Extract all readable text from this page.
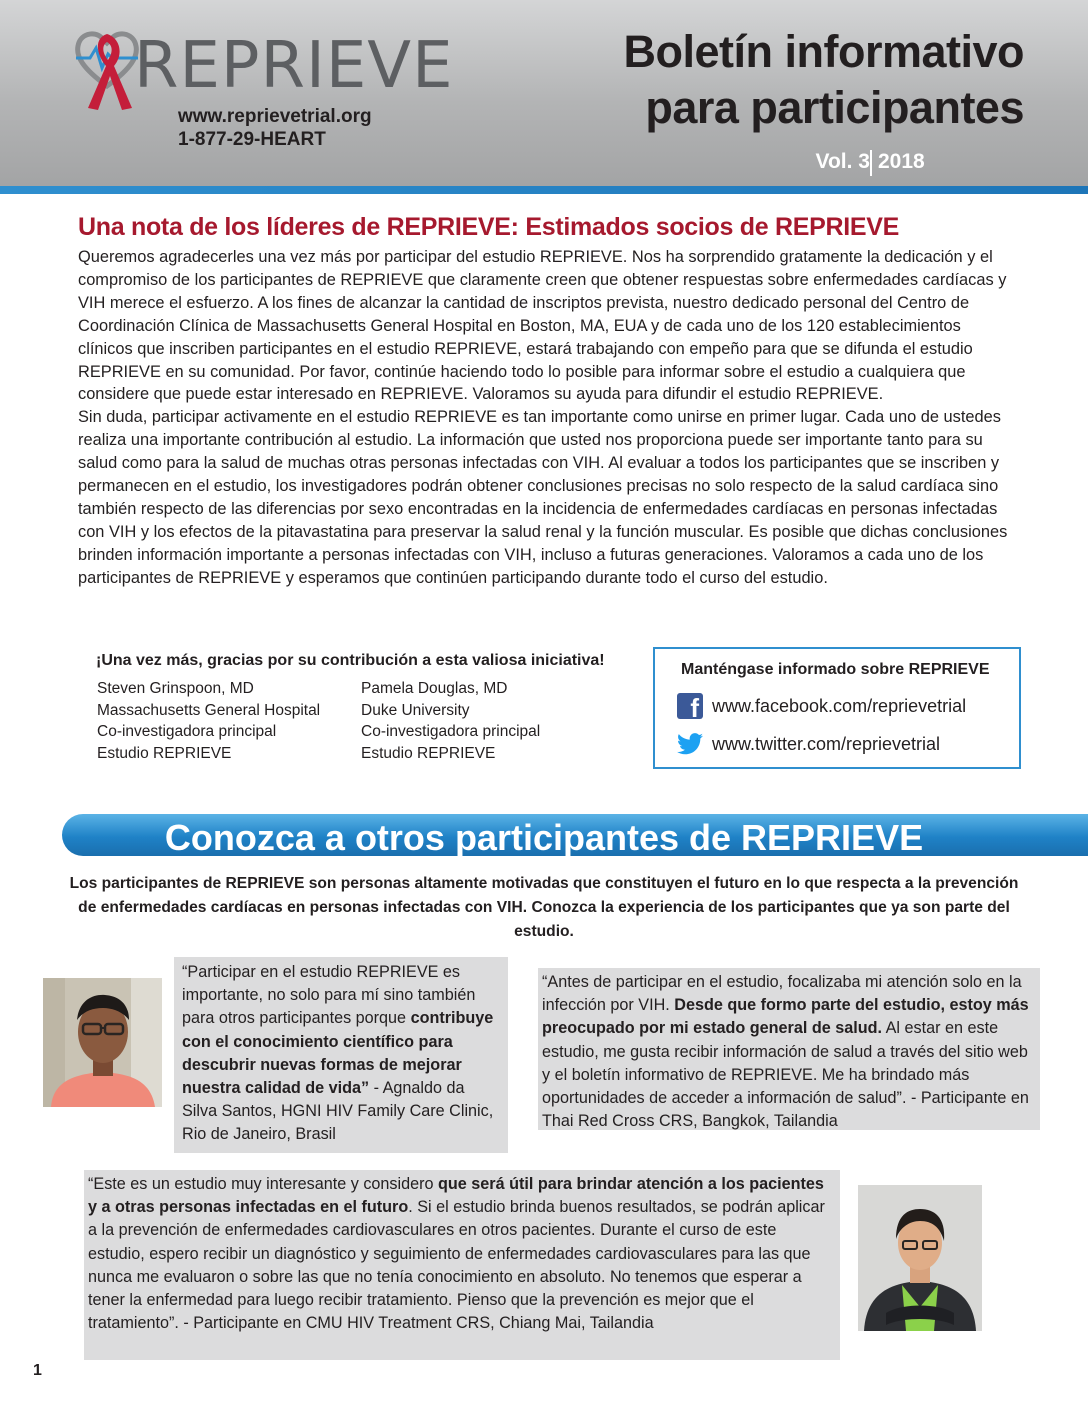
REPRIEVE
www.reprievetrial.org
1-877-29-HEART
Boletín informativo
para participantes
Vol. 3 2018
Una nota de los líderes de REPRIEVE: Estimados socios de REPRIEVE

Queremos agradecerles una vez más por participar del estudio REPRIEVE. Nos ha sorprendido gratamente la dedicación y el compromiso de los participantes de REPRIEVE que claramente creen que obtener respuestas sobre enfermedades cardíacas y VIH merece el esfuerzo. A los fines de alcanzar la cantidad de inscriptos prevista, nuestro dedicado personal del Centro de Coordinación Clínica de Massachusetts General Hospital en Boston, MA, EUA y de cada uno de los 120 establecimientos clínicos que inscriben participantes en el estudio REPRIEVE, estará trabajando con empeño para que se difunda el estudio REPRIEVE en su comunidad. Por favor, continúe haciendo todo lo posible para informar sobre el estudio a cualquiera que considere que puede estar interesado en REPRIEVE. Valoramos su ayuda para difundir el estudio REPRIEVE.

Sin duda, participar activamente en el estudio REPRIEVE es tan importante como unirse en primer lugar. Cada uno de ustedes realiza una importante contribución al estudio. La información que usted nos proporciona puede ser importante tanto para su salud como para la salud de muchas otras personas infectadas con VIH. Al evaluar a todos los participantes que se inscriben y permanecen en el estudio, los investigadores podrán obtener conclusiones precisas no solo respecto de la salud cardíaca sino también respecto de las diferencias por sexo encontradas en la incidencia de enfermedades cardíacas en personas infectadas con VIH y los efectos de la pitavastatina para preservar la salud renal y la función muscular. Es posible que dichas conclusiones brinden información importante a personas infectadas con VIH, incluso a futuras generaciones. Valoramos a cada uno de los participantes de REPRIEVE y esperamos que continúen participando durante todo el curso del estudio.

¡Una vez más, gracias por su contribución a esta valiosa iniciativa!
Steven Grinspoon, MD
Massachusetts General Hospital
Co-investigadora principal
Estudio REPRIEVE
Pamela Douglas, MD
Duke University
Co-investigadora principal
Estudio REPRIEVE
Manténgase informado sobre REPRIEVE
f www.facebook.com/reprievetrial
www.twitter.com/reprievetrial
Conozca a otros participantes de REPRIEVE
Los participantes de REPRIEVE son personas altamente motivadas que constituyen el futuro en lo que respecta a la prevención de enfermedades cardíacas en personas infectadas con VIH. Conozca la experiencia de los participantes que ya son parte del estudio.
“Participar en el estudio REPRIEVE es importante, no solo para mí sino también para otros participantes porque contribuye con el conocimiento científico para descubrir nuevas formas de mejorar nuestra calidad de vida” - Agnaldo da Silva Santos, HGNI HIV Family Care Clinic, Rio de Janeiro, Brasil
“Antes de participar en el estudio, focalizaba mi atención solo en la infección por VIH. Desde que formo parte del estudio, estoy más preocupado por mi estado general de salud. Al estar en este estudio, me gusta recibir información de salud a través del sitio web y el boletín informativo de REPRIEVE. Me ha brindado más oportunidades de acceder a información de salud”. - Participante en Thai Red Cross CRS, Bangkok, Tailandia
“Este es un estudio muy interesante y considero que será útil para brindar atención a los pacientes y a otras personas infectadas en el futuro. Si el estudio brinda buenos resultados, se podrán aplicar a la prevención de enfermedades cardiovasculares en otros pacientes. Durante el curso de este estudio, espero recibir un diagnóstico y seguimiento de enfermedades cardiovasculares para las que nunca me evaluaron o sobre las que no tenía conocimiento en absoluto. No tenemos que esperar a tener la enfermedad para luego recibir tratamiento. Pienso que la prevención es mejor que el tratamiento”. - Participante en CMU HIV Treatment CRS, Chiang Mai, Tailandia
1
